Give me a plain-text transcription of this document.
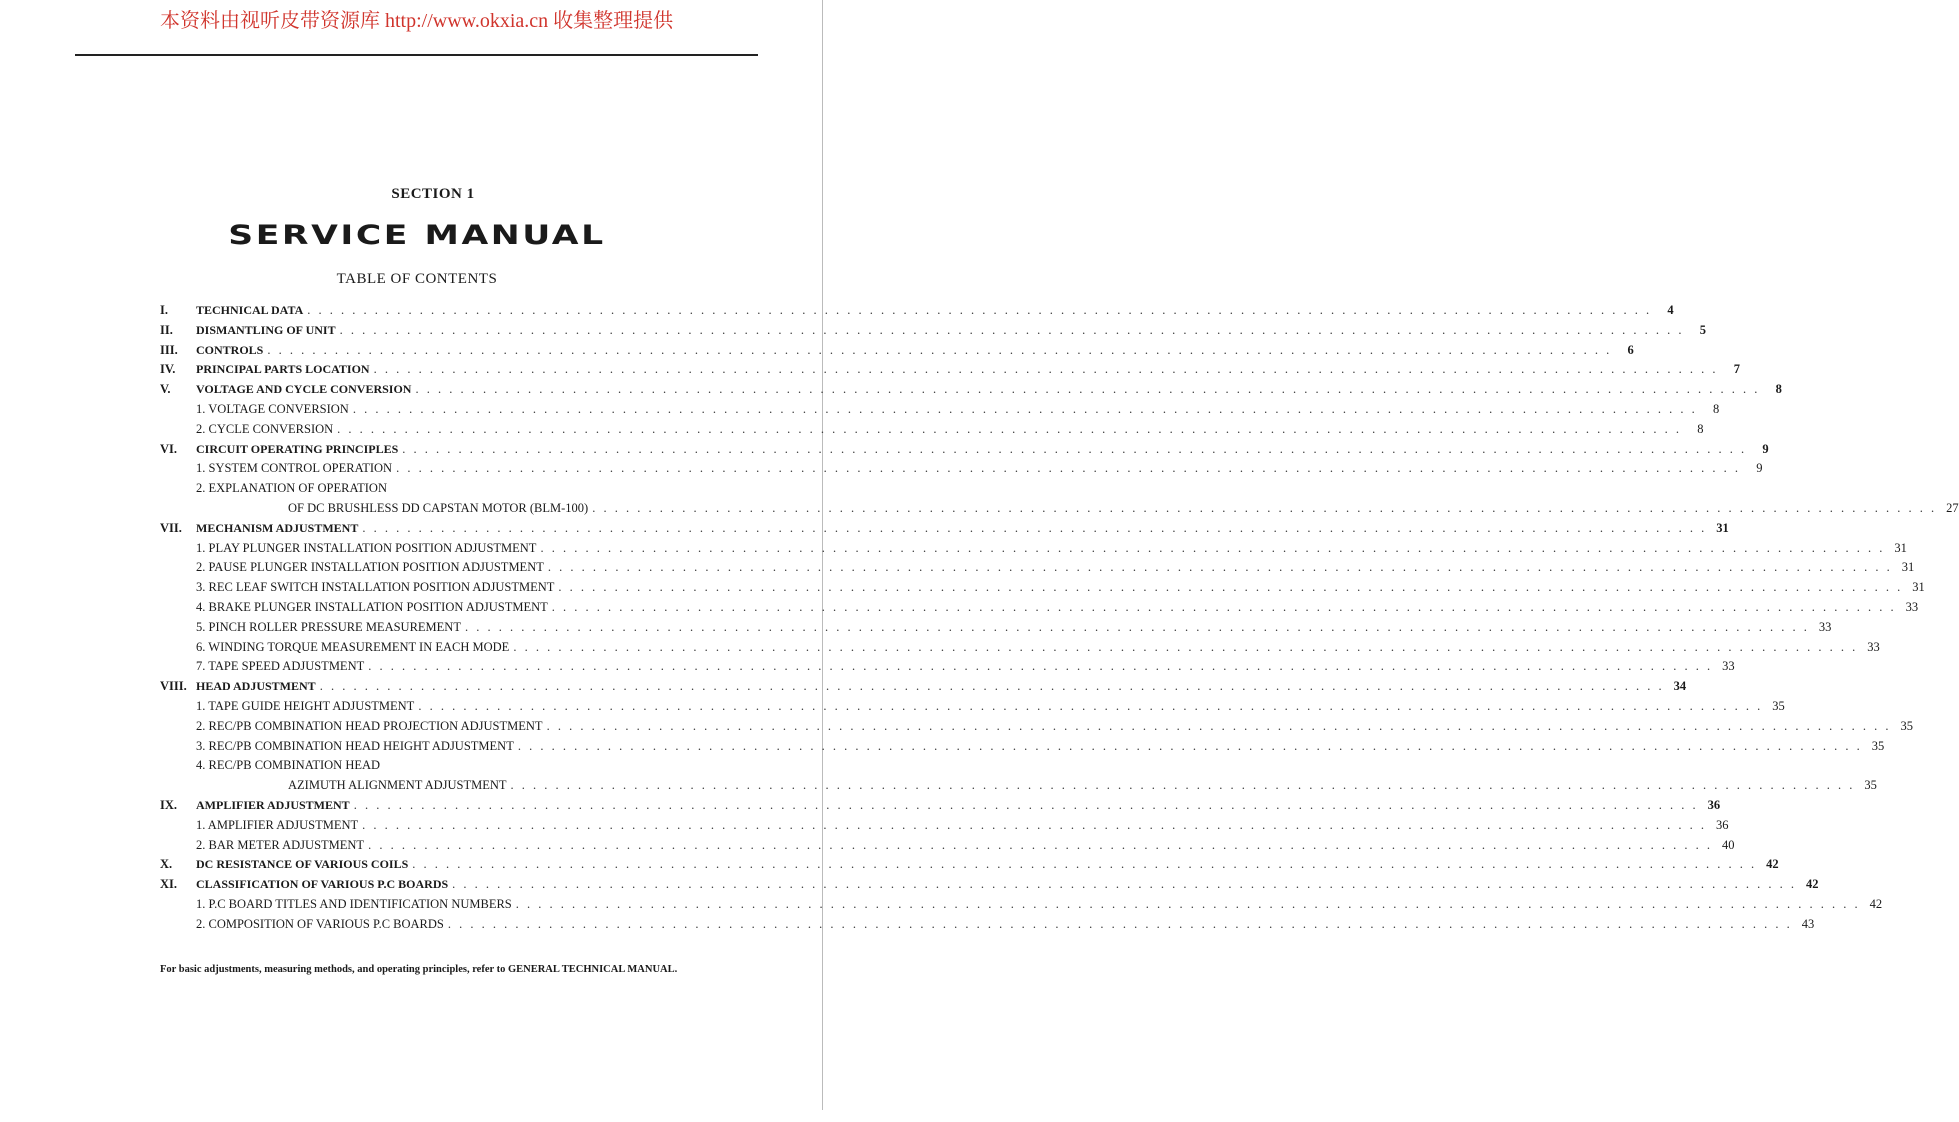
本资料由视听皮带资源库 http://www.okxia.cn 收集整理提供
SECTION 1
SERVICE MANUAL
TABLE OF CONTENTS
I.	TECHNICAL DATA . . . . . . . . . . . . . . . . . . . . . . . . . . . . . . . . . . . . . . . . . . . . . . . . . . . . . . . . . . . . . . . . . . . . . . . . . . . . . . . . . . . . . . . . . . . . . . . . . . . . . . . . . . . . . . . . . . . . . . . .	4
II.	DISMANTLING OF UNIT . . . . . . . . . . . . . . . . . . . . . . . . . . . . . . . . . . . . . . . . . . . . . . . . . . . . . . . . . . . . . . . . . . . . . . . . . . . . . . . . . . . . . . . . . . . . . . . . . . . . . . . . . . . . . . . . . . . . . . . .	5
III.	CONTROLS . . . . . . . . . . . . . . . . . . . . . . . . . . . . . . . . . . . . . . . . . . . . . . . . . . . . . . . . . . . . . . . . . . . . . . . . . . . . . . . . . . . . . . . . . . . . . . . . . . . . . . . . . . . . . . . . . . . . . . . .	6
IV.	PRINCIPAL PARTS LOCATION . . . . . . . . . . . . . . . . . . . . . . . . . . . . . . . . . . . . . . . . . . . . . . . . . . . . . . . . . . . . . . . . . . . . . . . . . . . . . . . . . . . . . . . . . . . . . . . . . . . . . . . . . . . . . . . . . . . . . . . .	7
V.	VOLTAGE AND CYCLE CONVERSION . . . . . . . . . . . . . . . . . . . . . . . . . . . . . . . . . . . . . . . . . . . . . . . . . . . . . . . . . . . . . . . . . . . . . . . . . . . . . . . . . . . . . . . . . . . . . . . . . . . . . . . . . . . . . . . . . . . . . . . .	8
1. VOLTAGE CONVERSION . . . . . . . . . . . . . . . . . . . . . . . . . . . . . . . . . . . . . . . . . . . . . . . . . . . . . . . . . . . . . . . . . . . . . . . . . . . . . . . . . . . . . . . . . . . . . . . . . . . . . . . . . . . . . . . . . . . . . . . .	8
2. CYCLE CONVERSION . . . . . . . . . . . . . . . . . . . . . . . . . . . . . . . . . . . . . . . . . . . . . . . . . . . . . . . . . . . . . . . . . . . . . . . . . . . . . . . . . . . . . . . . . . . . . . . . . . . . . . . . . . . . . . . . . . . . . . . .	8
VI.	CIRCUIT OPERATING PRINCIPLES . . . . . . . . . . . . . . . . . . . . . . . . . . . . . . . . . . . . . . . . . . . . . . . . . . . . . . . . . . . . . . . . . . . . . . . . . . . . . . . . . . . . . . . . . . . . . . . . . . . . . . . . . . . . . . . . . . . . . . . .	9
1. SYSTEM CONTROL OPERATION . . . . . . . . . . . . . . . . . . . . . . . . . . . . . . . . . . . . . . . . . . . . . . . . . . . . . . . . . . . . . . . . . . . . . . . . . . . . . . . . . . . . . . . . . . . . . . . . . . . . . . . . . . . . . . . . . . . . . . . .	9
2. EXPLANATION OF OPERATION
OF DC BRUSHLESS DD CAPSTAN MOTOR (BLM-100) . . . . . . . . . . . . . . . . . . . . . . . . . . . . . . . . . . . . . . . . . . . . . . . . . . . . . . . . . . . . . . . . . . . . . . . . . . . . . . . . . . . . . . . . . . . . . . . . . . . . . . . . . . . . . . . . . . . . . . . . 27
VII.	MECHANISM ADJUSTMENT . . . . . . . . . . . . . . . . . . . . . . . . . . . . . . . . . . . . . . . . . . . . . . . . . . . . . . . . . . . . . . . . . . . . . . . . . . . . . . . . . . . . . . . . . . . . . . . . . . . . . . . . . . . . . . . . . . . . . . . . 31
1. PLAY PLUNGER INSTALLATION POSITION ADJUSTMENT . . . . . . . . . . . . . . . . . . . . . . . . . . . . . . . . . . . . . . . . . . . . . . . . . . . . . . . . . . . . . . . . . . . . . . . . . . . . . . . . . . . . . . . . . . . . . . . . . . . . . . . . . . . . . . . . . . . . . . . . 31
2. PAUSE PLUNGER INSTALLATION POSITION ADJUSTMENT . . . . . . . . . . . . . . . . . . . . . . . . . . . . . . . . . . . . . . . . . . . . . . . . . . . . . . . . . . . . . . . . . . . . . . . . . . . . . . . . . . . . . . . . . . . . . . . . . . . . . . . . . . . . . . . . . . . . . . . . 31
3. REC LEAF SWITCH INSTALLATION POSITION ADJUSTMENT . . . . . . . . . . . . . . . . . . . . . . . . . . . . . . . . . . . . . . . . . . . . . . . . . . . . . . . . . . . . . . . . . . . . . . . . . . . . . . . . . . . . . . . . . . . . . . . . . . . . . . . . . . . . . . . . . . . . . . . . 31
4. BRAKE PLUNGER INSTALLATION POSITION ADJUSTMENT . . . . . . . . . . . . . . . . . . . . . . . . . . . . . . . . . . . . . . . . . . . . . . . . . . . . . . . . . . . . . . . . . . . . . . . . . . . . . . . . . . . . . . . . . . . . . . . . . . . . . . . . . . . . . . . . . . . . . . . . 33
5. PINCH ROLLER PRESSURE MEASUREMENT . . . . . . . . . . . . . . . . . . . . . . . . . . . . . . . . . . . . . . . . . . . . . . . . . . . . . . . . . . . . . . . . . . . . . . . . . . . . . . . . . . . . . . . . . . . . . . . . . . . . . . . . . . . . . . . . . . . . . . . . 33
6. WINDING TORQUE MEASUREMENT IN EACH MODE . . . . . . . . . . . . . . . . . . . . . . . . . . . . . . . . . . . . . . . . . . . . . . . . . . . . . . . . . . . . . . . . . . . . . . . . . . . . . . . . . . . . . . . . . . . . . . . . . . . . . . . . . . . . . . . . . . . . . . . . 33
7. TAPE SPEED ADJUSTMENT . . . . . . . . . . . . . . . . . . . . . . . . . . . . . . . . . . . . . . . . . . . . . . . . . . . . . . . . . . . . . . . . . . . . . . . . . . . . . . . . . . . . . . . . . . . . . . . . . . . . . . . . . . . . . . . . . . . . . . . . 33
VIII. HEAD ADJUSTMENT . . . . . . . . . . . . . . . . . . . . . . . . . . . . . . . . . . . . . . . . . . . . . . . . . . . . . . . . . . . . . . . . . . . . . . . . . . . . . . . . . . . . . . . . . . . . . . . . . . . . . . . . . . . . . . . . . . . . . . . . 34
1. TAPE GUIDE HEIGHT ADJUSTMENT . . . . . . . . . . . . . . . . . . . . . . . . . . . . . . . . . . . . . . . . . . . . . . . . . . . . . . . . . . . . . . . . . . . . . . . . . . . . . . . . . . . . . . . . . . . . . . . . . . . . . . . . . . . . . . . . . . . . . . . . 35
2. REC/PB COMBINATION HEAD PROJECTION ADJUSTMENT . . . . . . . . . . . . . . . . . . . . . . . . . . . . . . . . . . . . . . . . . . . . . . . . . . . . . . . . . . . . . . . . . . . . . . . . . . . . . . . . . . . . . . . . . . . . . . . . . . . . . . . . . . . . . . . . . . . . . . . . 35
3. REC/PB COMBINATION HEAD HEIGHT ADJUSTMENT . . . . . . . . . . . . . . . . . . . . . . . . . . . . . . . . . . . . . . . . . . . . . . . . . . . . . . . . . . . . . . . . . . . . . . . . . . . . . . . . . . . . . . . . . . . . . . . . . . . . . . . . . . . . . . . . . . . . . . . . 35
4. REC/PB COMBINATION HEAD
AZIMUTH ALIGNMENT ADJUSTMENT . . . . . . . . . . . . . . . . . . . . . . . . . . . . . . . . . . . . . . . . . . . . . . . . . . . . . . . . . . . . . . . . . . . . . . . . . . . . . . . . . . . . . . . . . . . . . . . . . . . . . . . . . . . . . . . . . . . . . . . . 35
IX.	AMPLIFIER ADJUSTMENT . . . . . . . . . . . . . . . . . . . . . . . . . . . . . . . . . . . . . . . . . . . . . . . . . . . . . . . . . . . . . . . . . . . . . . . . . . . . . . . . . . . . . . . . . . . . . . . . . . . . . . . . . . . . . . . . . . . . . . . . 36
1. AMPLIFIER ADJUSTMENT . . . . . . . . . . . . . . . . . . . . . . . . . . . . . . . . . . . . . . . . . . . . . . . . . . . . . . . . . . . . . . . . . . . . . . . . . . . . . . . . . . . . . . . . . . . . . . . . . . . . . . . . . . . . . . . . . . . . . . . . 36
2. BAR METER ADJUSTMENT . . . . . . . . . . . . . . . . . . . . . . . . . . . . . . . . . . . . . . . . . . . . . . . . . . . . . . . . . . . . . . . . . . . . . . . . . . . . . . . . . . . . . . . . . . . . . . . . . . . . . . . . . . . . . . . . . . . . . . . . 40
X.	DC RESISTANCE OF VARIOUS COILS . . . . . . . . . . . . . . . . . . . . . . . . . . . . . . . . . . . . . . . . . . . . . . . . . . . . . . . . . . . . . . . . . . . . . . . . . . . . . . . . . . . . . . . . . . . . . . . . . . . . . . . . . . . . . . . . . . . . . . . . 42
XI.	CLASSIFICATION OF VARIOUS P.C BOARDS . . . . . . . . . . . . . . . . . . . . . . . . . . . . . . . . . . . . . . . . . . . . . . . . . . . . . . . . . . . . . . . . . . . . . . . . . . . . . . . . . . . . . . . . . . . . . . . . . . . . . . . . . . . . . . . . . . . . . . . . 42
1. P.C BOARD TITLES AND IDENTIFICATION NUMBERS . . . . . . . . . . . . . . . . . . . . . . . . . . . . . . . . . . . . . . . . . . . . . . . . . . . . . . . . . . . . . . . . . . . . . . . . . . . . . . . . . . . . . . . . . . . . . . . . . . . . . . . . . . . . . . . . . . . . . . . . 42
2. COMPOSITION OF VARIOUS P.C BOARDS . . . . . . . . . . . . . . . . . . . . . . . . . . . . . . . . . . . . . . . . . . . . . . . . . . . . . . . . . . . . . . . . . . . . . . . . . . . . . . . . . . . . . . . . . . . . . . . . . . . . . . . . . . . . . . . . . . . . . . . . 43
For basic adjustments, measuring methods, and operating principles, refer to GENERAL TECHNICAL MANUAL.
